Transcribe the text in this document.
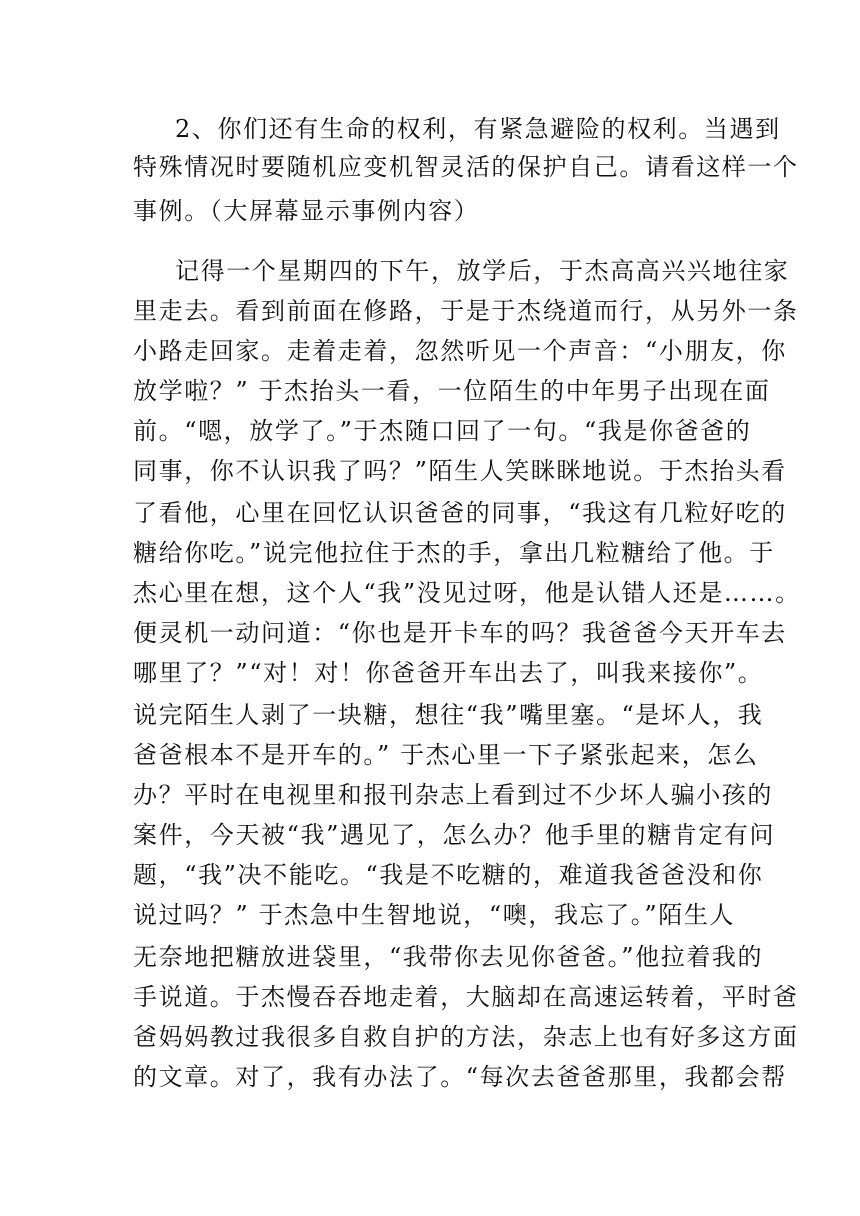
2、你们还有生命的权利，有紧急避险的权利。当遇到
特殊情况时要随机应变机智灵活的保护自己。请看这样一个
事例。（大屏幕显示事例内容）
记得一个星期四的下午，放学后，于杰高高兴兴地往家
里走去。看到前面在修路，于是于杰绕道而行，从另外一条
小路走回家。走着走着，忽然听见一个声音：“小朋友，你
放学啦？” 于杰抬头一看，一位陌生的中年男子出现在面
前。“嗯，放学了。”于杰随口回了一句。“我是你爸爸的
同事，你不认识我了吗？”陌生人笑眯眯地说。于杰抬头看
了看他，心里在回忆认识爸爸的同事，“我这有几粒好吃的
糖给你吃。”说完他拉住于杰的手，拿出几粒糖给了他。于
杰心里在想，这个人“我”没见过呀，他是认错人还是……。
便灵机一动问道：“你也是开卡车的吗？我爸爸今天开车去
哪里了？”“对！对！你爸爸开车出去了，叫我来接你”。
说完陌生人剥了一块糖，想往“我”嘴里塞。“是坏人，我
爸爸根本不是开车的。” 于杰心里一下子紧张起来，怎么
办？平时在电视里和报刊杂志上看到过不少坏人骗小孩的
案件，今天被“我”遇见了，怎么办？他手里的糖肯定有问
题，“我”决不能吃。“我是不吃糖的，难道我爸爸没和你
说过吗？” 于杰急中生智地说，“噢，我忘了。”陌生人
无奈地把糖放进袋里，“我带你去见你爸爸。”他拉着我的
手说道。于杰慢吞吞地走着，大脑却在高速运转着，平时爸
爸妈妈教过我很多自救自护的方法，杂志上也有好多这方面
的文章。对了，我有办法了。“每次去爸爸那里，我都会帮
